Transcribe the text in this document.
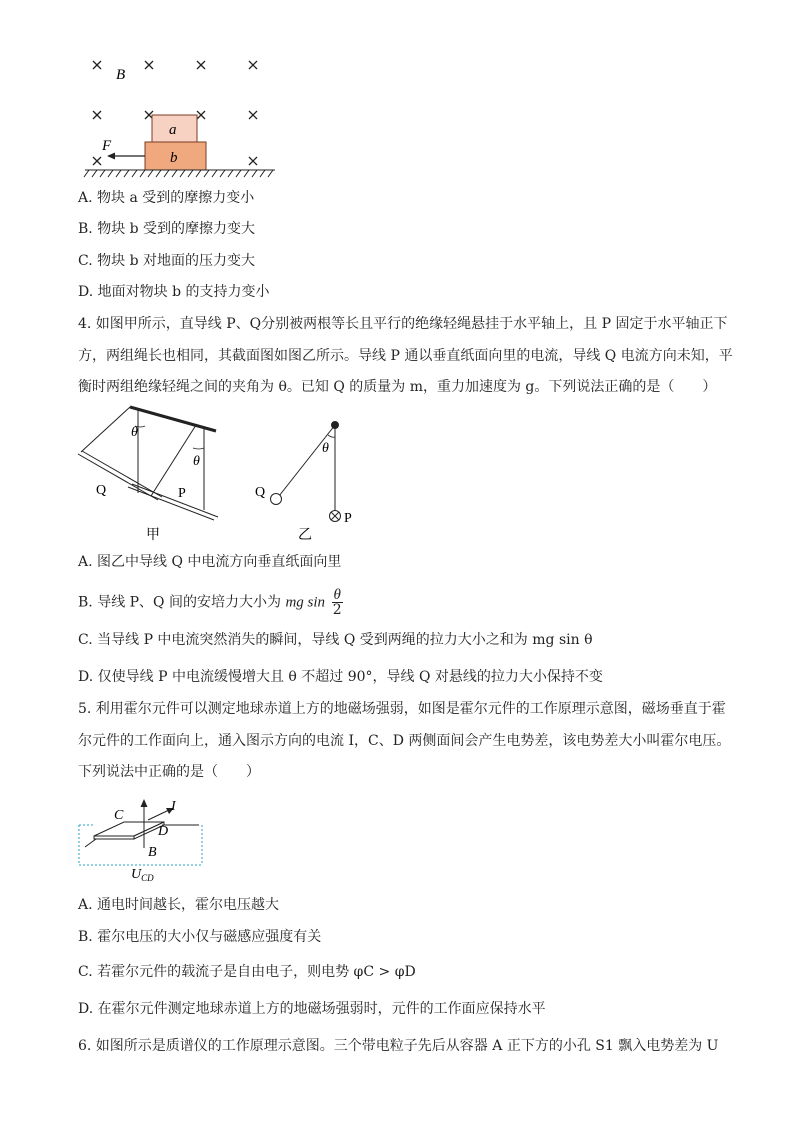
B
a
b
F
A. 物块 a 受到的摩擦力变小
B. 物块 b 受到的摩擦力变大
C. 物块 b 对地面的压力变大
D. 地面对物块 b 的支持力变小
4. 如图甲所示，直导线 P、Q分别被两根等长且平行的绝缘轻绳悬挂于水平轴上，且 P 固定于水平轴正下
方，两组绳长也相同，其截面图如图乙所示。导线 P 通以垂直纸面向里的电流，导线 Q 电流方向未知，平
衡时两组绝缘轻绳之间的夹角为 θ。已知 Q 的质量为 m，重力加速度为 g。下列说法正确的是（　　）
θ
θ
Q	P
甲
θ
Q
P
乙
A. 图乙中导线 Q 中电流方向垂直纸面向里
B. 导线 P、Q 间的安培力大小为 mg $\sin \frac{\theta}{2}$
C. 当导线 P 中电流突然消失的瞬间，导线 Q 受到两绳的拉力大小之和为 mg sin θ
D. 仅使导线 P 中电流缓慢增大且 θ 不超过 90°，导线 Q 对悬线的拉力大小保持不变
5. 利用霍尔元件可以测定地球赤道上方的地磁场强弱，如图是霍尔元件的工作原理示意图，磁场垂直于霍
尔元件的工作面向上，通入图示方向的电流 I，C、D 两侧面间会产生电势差，该电势差大小叫霍尔电压。
下列说法中正确的是（　　）
C
I
D
B
$U_{CD}$
A. 通电时间越长，霍尔电压越大
B. 霍尔电压的大小仅与磁感应强度有关
C. 若霍尔元件的载流子是自由电子，则电势 φC > φD
D. 在霍尔元件测定地球赤道上方的地磁场强弱时，元件的工作面应保持水平
6. 如图所示是质谱仪的工作原理示意图。三个带电粒子先后从容器 A 正下方的小孔 S1 飘入电势差为 U
